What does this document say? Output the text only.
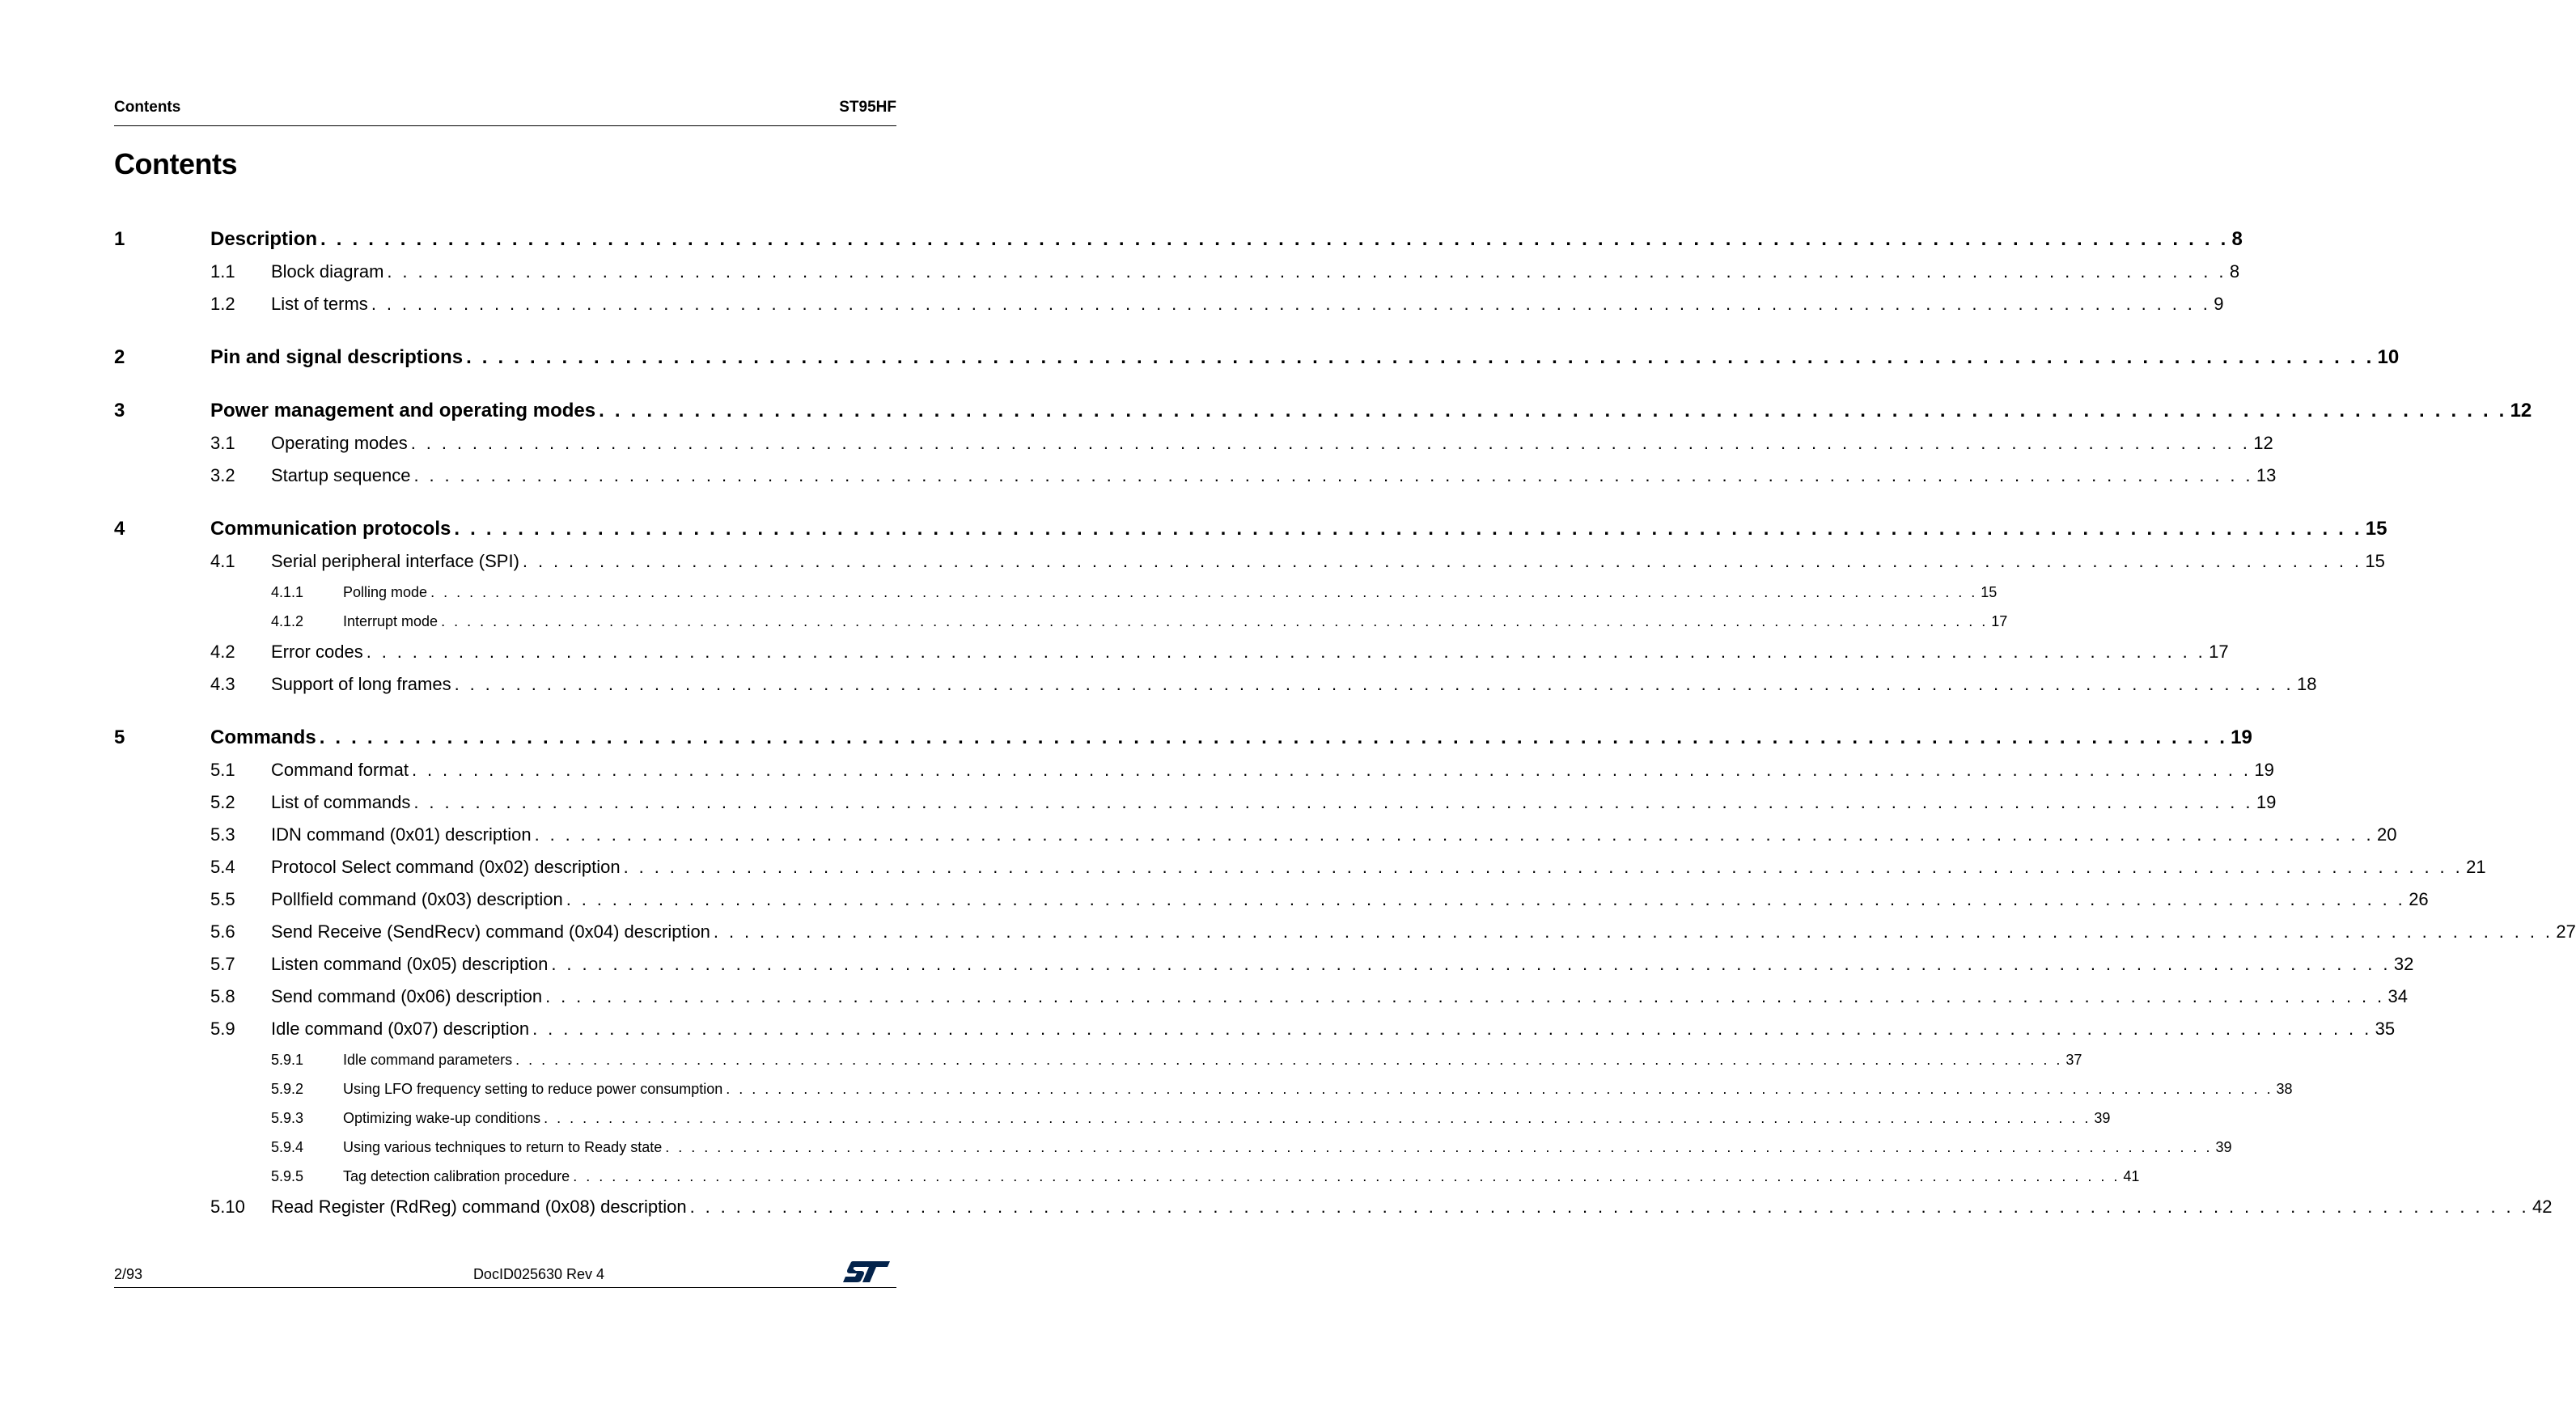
Contents	ST95HF
Contents
1	Description . . . . . . . . . . . . . . . . . . . . . . . . . . . . . . . . . . . . . . . . . . . . . . . . . . . . . . . . . . . . . . . . . . . . . . . . . . . . . . . . . . . . . . . . . . . . . . . . . . . . . . . . . . . . . . . . . . . . . . . . 8
1.1	Block diagram . . . . . . . . . . . . . . . . . . . . . . . . . . . . . . . . . . . . . . . . . . . . . . . . . . . . . . . . . . . . . . . . . . . . . . . . . . . . . . . . . . . . . . . . . . . . . . . . . . . . . . . . . . . . . . . . . . . . . . . . 8
1.2	List of terms . . . . . . . . . . . . . . . . . . . . . . . . . . . . . . . . . . . . . . . . . . . . . . . . . . . . . . . . . . . . . . . . . . . . . . . . . . . . . . . . . . . . . . . . . . . . . . . . . . . . . . . . . . . . . . . . . . . . . . . . 9
2	Pin and signal descriptions . . . . . . . . . . . . . . . . . . . . . . . . . . . . . . . . . . . . . . . . . . . . . . . . . . . . . . . . . . . . . . . . . . . . . . . . . . . . . . . . . . . . . . . . . . . . . . . . . . . . . . . . . . . . . . . . . . . . . . . . 10
3	Power management and operating modes . . . . . . . . . . . . . . . . . . . . . . . . . . . . . . . . . . . . . . . . . . . . . . . . . . . . . . . . . . . . . . . . . . . . . . . . . . . . . . . . . . . . . . . . . . . . . . . . . . . . . . . . . . . . . . . . . . . . . . . . 12
3.1	Operating modes . . . . . . . . . . . . . . . . . . . . . . . . . . . . . . . . . . . . . . . . . . . . . . . . . . . . . . . . . . . . . . . . . . . . . . . . . . . . . . . . . . . . . . . . . . . . . . . . . . . . . . . . . . . . . . . . . . . . . . . . 12
3.2	Startup sequence . . . . . . . . . . . . . . . . . . . . . . . . . . . . . . . . . . . . . . . . . . . . . . . . . . . . . . . . . . . . . . . . . . . . . . . . . . . . . . . . . . . . . . . . . . . . . . . . . . . . . . . . . . . . . . . . . . . . . . . . 13
4	Communication protocols . . . . . . . . . . . . . . . . . . . . . . . . . . . . . . . . . . . . . . . . . . . . . . . . . . . . . . . . . . . . . . . . . . . . . . . . . . . . . . . . . . . . . . . . . . . . . . . . . . . . . . . . . . . . . . . . . . . . . . . . 15
4.1	Serial peripheral interface (SPI) . . . . . . . . . . . . . . . . . . . . . . . . . . . . . . . . . . . . . . . . . . . . . . . . . . . . . . . . . . . . . . . . . . . . . . . . . . . . . . . . . . . . . . . . . . . . . . . . . . . . . . . . . . . . . . . . . . . . . . . . 15
4.1.1	Polling mode . . . . . . . . . . . . . . . . . . . . . . . . . . . . . . . . . . . . . . . . . . . . . . . . . . . . . . . . . . . . . . . . . . . . . . . . . . . . . . . . . . . . . . . . . . . . . . . . . . . . . . . . . . . . . . . . . . . . . . . . 15
4.1.2	Interrupt mode . . . . . . . . . . . . . . . . . . . . . . . . . . . . . . . . . . . . . . . . . . . . . . . . . . . . . . . . . . . . . . . . . . . . . . . . . . . . . . . . . . . . . . . . . . . . . . . . . . . . . . . . . . . . . . . . . . . . . . . . 17
4.2	Error codes . . . . . . . . . . . . . . . . . . . . . . . . . . . . . . . . . . . . . . . . . . . . . . . . . . . . . . . . . . . . . . . . . . . . . . . . . . . . . . . . . . . . . . . . . . . . . . . . . . . . . . . . . . . . . . . . . . . . . . . . 17
4.3	Support of long frames . . . . . . . . . . . . . . . . . . . . . . . . . . . . . . . . . . . . . . . . . . . . . . . . . . . . . . . . . . . . . . . . . . . . . . . . . . . . . . . . . . . . . . . . . . . . . . . . . . . . . . . . . . . . . . . . . . . . . . . . 18
5	Commands . . . . . . . . . . . . . . . . . . . . . . . . . . . . . . . . . . . . . . . . . . . . . . . . . . . . . . . . . . . . . . . . . . . . . . . . . . . . . . . . . . . . . . . . . . . . . . . . . . . . . . . . . . . . . . . . . . . . . . . . 19
5.1	Command format . . . . . . . . . . . . . . . . . . . . . . . . . . . . . . . . . . . . . . . . . . . . . . . . . . . . . . . . . . . . . . . . . . . . . . . . . . . . . . . . . . . . . . . . . . . . . . . . . . . . . . . . . . . . . . . . . . . . . . . . 19
5.2	List of commands . . . . . . . . . . . . . . . . . . . . . . . . . . . . . . . . . . . . . . . . . . . . . . . . . . . . . . . . . . . . . . . . . . . . . . . . . . . . . . . . . . . . . . . . . . . . . . . . . . . . . . . . . . . . . . . . . . . . . . . . 19
5.3	IDN command (0x01) description . . . . . . . . . . . . . . . . . . . . . . . . . . . . . . . . . . . . . . . . . . . . . . . . . . . . . . . . . . . . . . . . . . . . . . . . . . . . . . . . . . . . . . . . . . . . . . . . . . . . . . . . . . . . . . . . . . . . . . . . 20
5.4	Protocol Select command (0x02) description . . . . . . . . . . . . . . . . . . . . . . . . . . . . . . . . . . . . . . . . . . . . . . . . . . . . . . . . . . . . . . . . . . . . . . . . . . . . . . . . . . . . . . . . . . . . . . . . . . . . . . . . . . . . . . . . . . . . . . . . 21
5.5	Pollfield command (0x03) description . . . . . . . . . . . . . . . . . . . . . . . . . . . . . . . . . . . . . . . . . . . . . . . . . . . . . . . . . . . . . . . . . . . . . . . . . . . . . . . . . . . . . . . . . . . . . . . . . . . . . . . . . . . . . . . . . . . . . . . . 26
5.6	Send Receive (SendRecv) command (0x04) description . . . . . . . . . . . . . . . . . . . . . . . . . . . . . . . . . . . . . . . . . . . . . . . . . . . . . . . . . . . . . . . . . . . . . . . . . . . . . . . . . . . . . . . . . . . . . . . . . . . . . . . . . . . . . . . . . . . . . . . . 27
5.7	Listen command (0x05) description . . . . . . . . . . . . . . . . . . . . . . . . . . . . . . . . . . . . . . . . . . . . . . . . . . . . . . . . . . . . . . . . . . . . . . . . . . . . . . . . . . . . . . . . . . . . . . . . . . . . . . . . . . . . . . . . . . . . . . . . 32
5.8	Send command (0x06) description . . . . . . . . . . . . . . . . . . . . . . . . . . . . . . . . . . . . . . . . . . . . . . . . . . . . . . . . . . . . . . . . . . . . . . . . . . . . . . . . . . . . . . . . . . . . . . . . . . . . . . . . . . . . . . . . . . . . . . . . 34
5.9	Idle command (0x07) description . . . . . . . . . . . . . . . . . . . . . . . . . . . . . . . . . . . . . . . . . . . . . . . . . . . . . . . . . . . . . . . . . . . . . . . . . . . . . . . . . . . . . . . . . . . . . . . . . . . . . . . . . . . . . . . . . . . . . . . . 35
5.9.1	Idle command parameters . . . . . . . . . . . . . . . . . . . . . . . . . . . . . . . . . . . . . . . . . . . . . . . . . . . . . . . . . . . . . . . . . . . . . . . . . . . . . . . . . . . . . . . . . . . . . . . . . . . . . . . . . . . . . . . . . . . . . . . . 37
5.9.2	Using LFO frequency setting to reduce power consumption . . . . . . . . . . . . . . . . . . . . . . . . . . . . . . . . . . . . . . . . . . . . . . . . . . . . . . . . . . . . . . . . . . . . . . . . . . . . . . . . . . . . . . . . . . . . . . . . . . . . . . . . . . . . . . . . . . . . . . . . 38
5.9.3	Optimizing wake-up conditions . . . . . . . . . . . . . . . . . . . . . . . . . . . . . . . . . . . . . . . . . . . . . . . . . . . . . . . . . . . . . . . . . . . . . . . . . . . . . . . . . . . . . . . . . . . . . . . . . . . . . . . . . . . . . . . . . . . . . . . . 39
5.9.4	Using various techniques to return to Ready state . . . . . . . . . . . . . . . . . . . . . . . . . . . . . . . . . . . . . . . . . . . . . . . . . . . . . . . . . . . . . . . . . . . . . . . . . . . . . . . . . . . . . . . . . . . . . . . . . . . . . . . . . . . . . . . . . . . . . . . . 39
5.9.5	Tag detection calibration procedure . . . . . . . . . . . . . . . . . . . . . . . . . . . . . . . . . . . . . . . . . . . . . . . . . . . . . . . . . . . . . . . . . . . . . . . . . . . . . . . . . . . . . . . . . . . . . . . . . . . . . . . . . . . . . . . . . . . . . . . . 41
5.10	Read Register (RdReg) command (0x08) description . . . . . . . . . . . . . . . . . . . . . . . . . . . . . . . . . . . . . . . . . . . . . . . . . . . . . . . . . . . . . . . . . . . . . . . . . . . . . . . . . . . . . . . . . . . . . . . . . . . . . . . . . . . . . . . . . . . . . . . . 42
2/93	DocID025630 Rev 4
